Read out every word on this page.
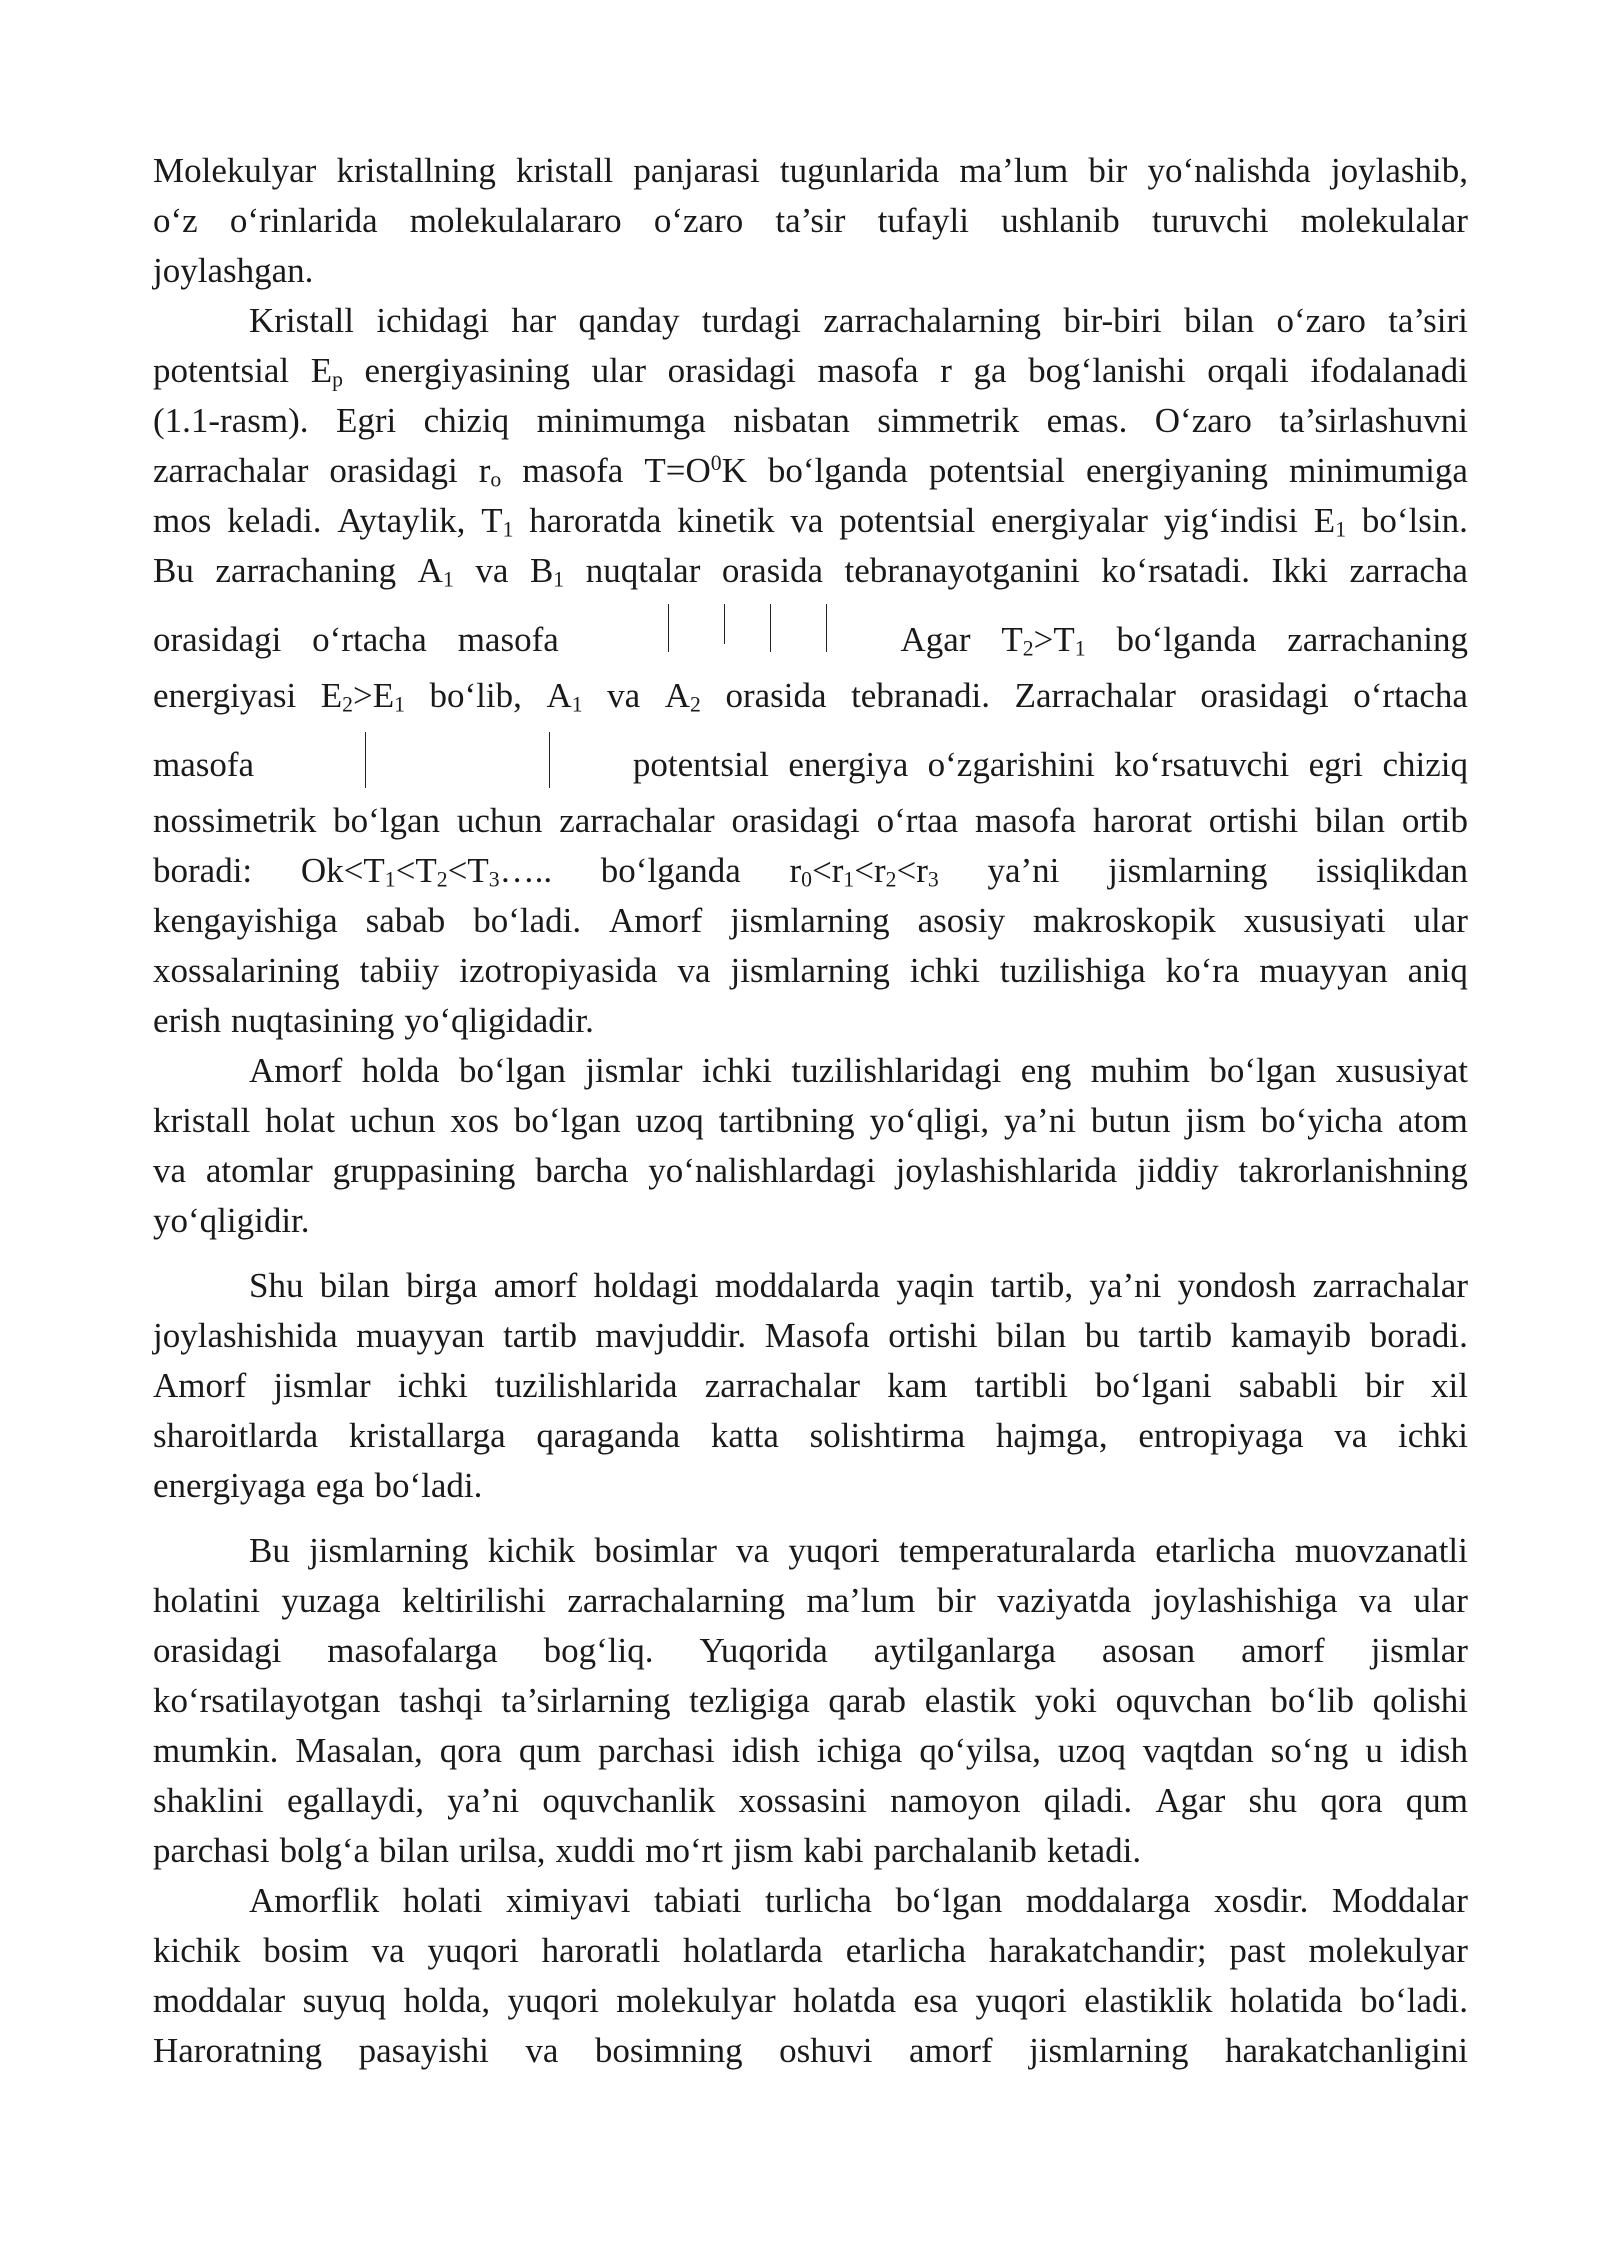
Molekulyar kristallning kristall panjarasi tugunlarida ma’lum bir yo‘nalishda joylashib,
o‘z o‘rinlarida molekulalararo o‘zaro ta’sir tufayli ushlanib turuvchi molekulalar
joylashgan.
Kristall ichidagi har qanday turdagi zarrachalarning bir-biri bilan o‘zaro ta’siri
potentsial $E_p$ energiyasining ular orasidagi masofa r ga bog‘lanishi orqali ifodalanadi
(1.1-rasm). Egri chiziq minimumga nisbatan simmetrik emas. O‘zaro ta’sirlashuvni
zarrachalar orasidagi $r_o$ masofa $T=O^0K$ bo‘lganda potentsial energiyaning minimumiga
mos keladi. Aytaylik, $T_1$ haroratda kinetik va potentsial energiyalar yig‘indisi $E_1$ bo‘lsin.
Bu zarrachaning $A_1$ va $B_1$ nuqtalar orasida tebranayotganini ko‘rsatadi. Ikki zarracha
orasidagi o‘rtacha masofa	Agar $T_2>T_1$ bo‘lganda zarrachaning
energiyasi $E_2>E_1$ bo‘lib, $A_1$ va $A_2$ orasida tebranadi. Zarrachalar orasidagi o‘rtacha
masofa	potentsial energiya o‘zgarishini ko‘rsatuvchi egri chiziq
nossimetrik bo‘lgan uchun zarrachalar orasidagi o‘rtaa masofa harorat ortishi bilan ortib
boradi: $Ok<T_1<T_2<T_3\dots$.. bo‘lganda $r_0<r_1<r_2<r_3$ ya’ni jismlarning issiqlikdan
kengayishiga sabab bo‘ladi. Amorf jismlarning asosiy makroskopik xususiyati ular
xossalarining tabiiy izotropiyasida va jismlarning ichki tuzilishiga ko‘ra muayyan aniq
erish nuqtasining yo‘qligidadir.
Amorf holda bo‘lgan jismlar ichki tuzilishlaridagi eng muhim bo‘lgan xususiyat
kristall holat uchun xos bo‘lgan uzoq tartibning yo‘qligi, ya’ni butun jism bo‘yicha atom
va atomlar gruppasining barcha yo‘nalishlardagi joylashishlarida jiddiy takrorlanishning
yo‘qligidir.
Shu bilan birga amorf holdagi moddalarda yaqin tartib, ya’ni yondosh zarrachalar
joylashishida muayyan tartib mavjuddir. Masofa ortishi bilan bu tartib kamayib boradi.
Amorf jismlar ichki tuzilishlarida zarrachalar kam tartibli bo‘lgani sababli bir xil
sharoitlarda kristallarga qaraganda katta solishtirma hajmga, entropiyaga va ichki
energiyaga ega bo‘ladi.
Bu jismlarning kichik bosimlar va yuqori temperaturalarda etarlicha muovzanatli
holatini yuzaga keltirilishi zarrachalarning ma’lum bir vaziyatda joylashishiga va ular
orasidagi masofalarga bog‘liq. Yuqorida aytilganlarga asosan amorf jismlar
ko‘rsatilayotgan tashqi ta’sirlarning tezligiga qarab elastik yoki oquvchan bo‘lib qolishi
mumkin. Masalan, qora qum parchasi idish ichiga qo‘yilsa, uzoq vaqtdan so‘ng u idish
shaklini egallaydi, ya’ni oquvchanlik xossasini namoyon qiladi. Agar shu qora qum
parchasi bolg‘a bilan urilsa, xuddi mo‘rt jism kabi parchalanib ketadi.
Amorflik holati ximiyavi tabiati turlicha bo‘lgan moddalarga xosdir. Moddalar
kichik bosim va yuqori haroratli holatlarda etarlicha harakatchandir; past molekulyar
moddalar suyuq holda, yuqori molekulyar holatda esa yuqori elastiklik holatida bo‘ladi.
Haroratning pasayishi va bosimning oshuvi amorf jismlarning harakatchanligini
